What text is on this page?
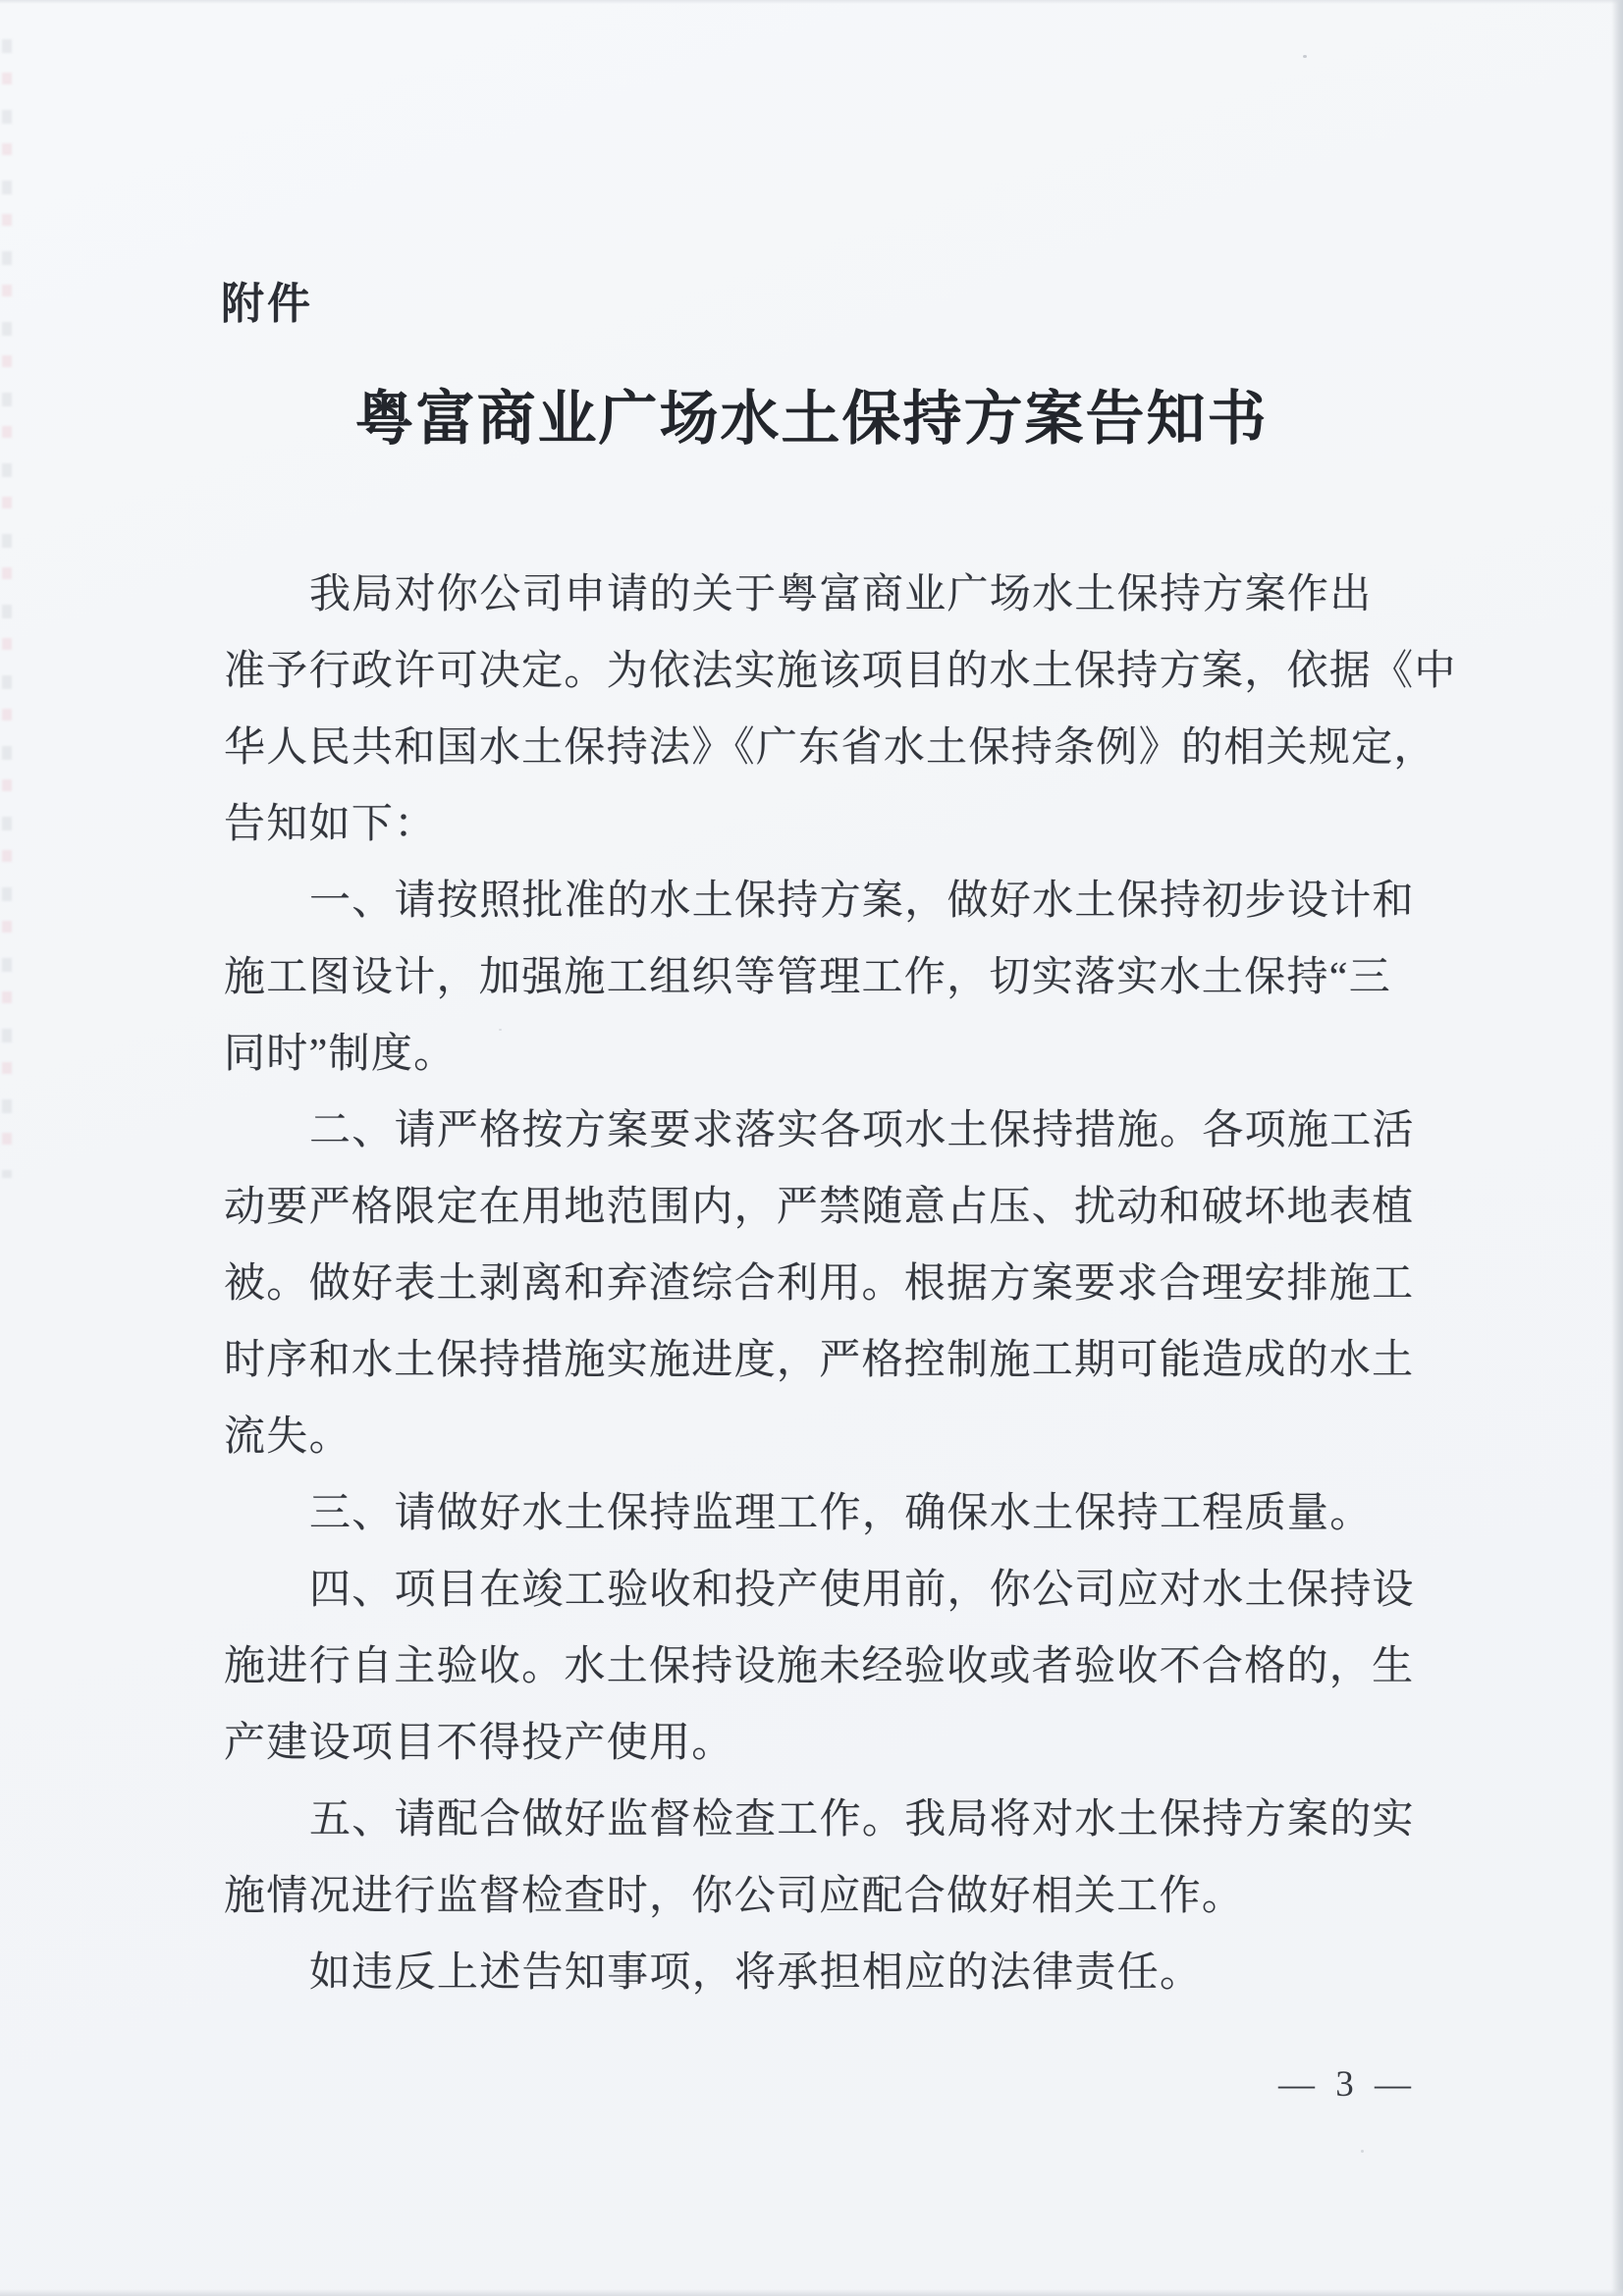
附件
粤富商业广场水土保持方案告知书
我局对你公司申请的关于粤富商业广场水土保持方案作出
准予行政许可决定。为依法实施该项目的水土保持方案，依据《中
华人民共和国水土保持法》《广东省水土保持条例》的相关规定，
告知如下：
一、请按照批准的水土保持方案，做好水土保持初步设计和
施工图设计，加强施工组织等管理工作，切实落实水土保持“三
同时”制度。
二、请严格按方案要求落实各项水土保持措施。各项施工活
动要严格限定在用地范围内，严禁随意占压、扰动和破坏地表植
被。做好表土剥离和弃渣综合利用。根据方案要求合理安排施工
时序和水土保持措施实施进度，严格控制施工期可能造成的水土
流失。
三、请做好水土保持监理工作，确保水土保持工程质量。
四、项目在竣工验收和投产使用前，你公司应对水土保持设
施进行自主验收。水土保持设施未经验收或者验收不合格的，生
产建设项目不得投产使用。
五、请配合做好监督检查工作。我局将对水土保持方案的实
施情况进行监督检查时，你公司应配合做好相关工作。
如违反上述告知事项，将承担相应的法律责任。
— 3 —
